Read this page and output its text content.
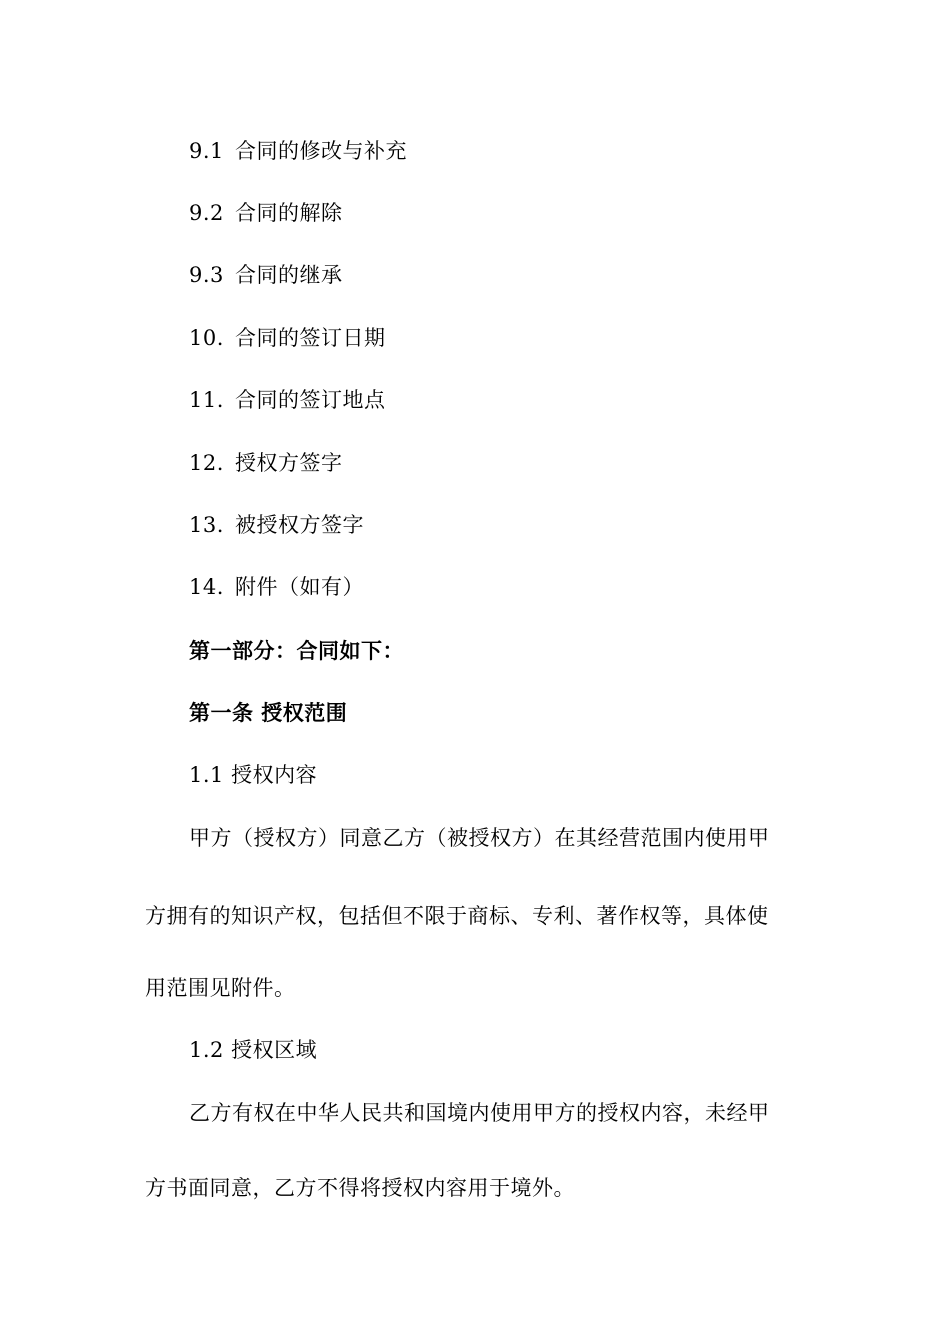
9.1 合同的修改与补充
9.2 合同的解除
9.3 合同的继承
10. 合同的签订日期
11. 合同的签订地点
12. 授权方签字
13. 被授权方签字
14. 附件（如有）
第一部分：合同如下：
第一条 授权范围
1.1 授权内容
甲方（授权方）同意乙方（被授权方）在其经营范围内使用甲
方拥有的知识产权，包括但不限于商标、专利、著作权等，具体使
用范围见附件。
1.2 授权区域
乙方有权在中华人民共和国境内使用甲方的授权内容，未经甲
方书面同意，乙方不得将授权内容用于境外。
